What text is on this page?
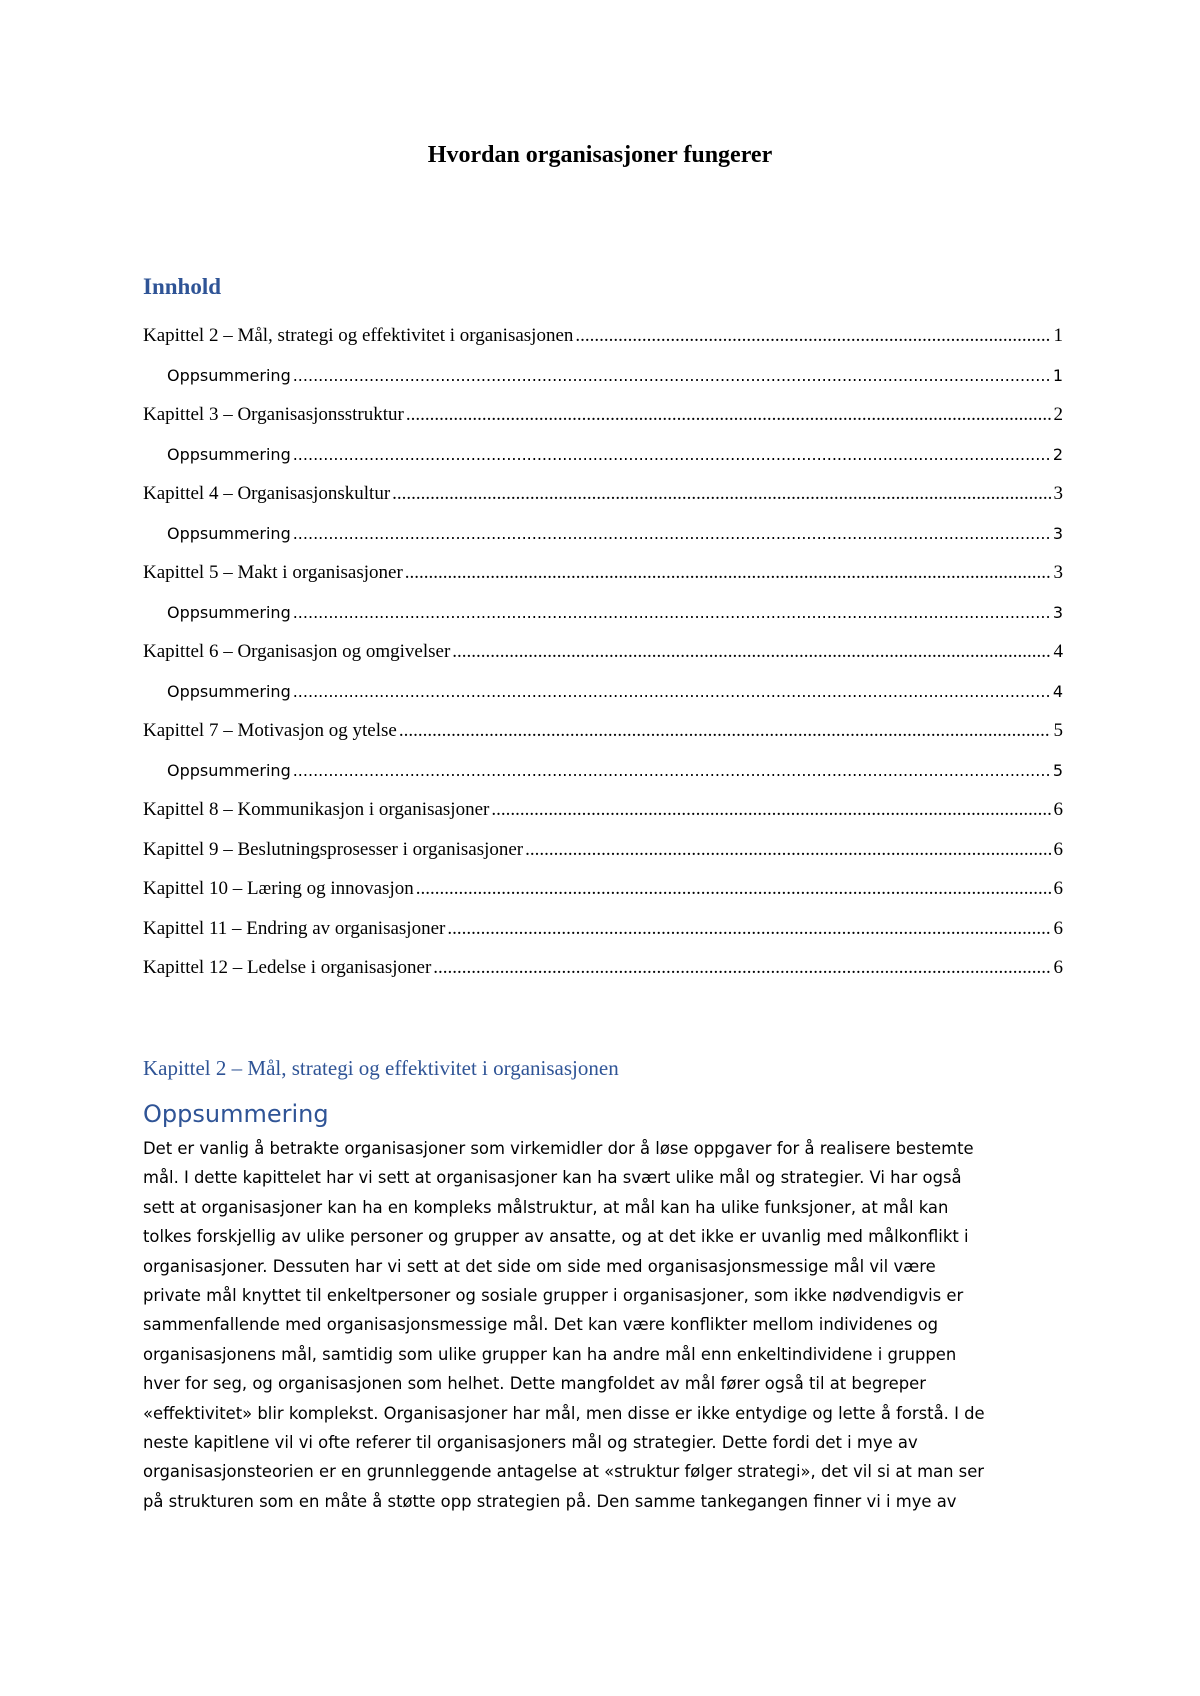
Hvordan organisasjoner fungerer
Innhold
Kapittel 2 – Mål, strategi og effektivitet i organisasjonen .....	1
Oppsummering .....	1
Kapittel 3 – Organisasjonsstruktur .....	2
Oppsummering .....	2
Kapittel 4 – Organisasjonskultur .....	3
Oppsummering .....	3
Kapittel 5 – Makt i organisasjoner .....	3
Oppsummering .....	3
Kapittel 6 – Organisasjon og omgivelser .....	4
Oppsummering .....	4
Kapittel 7 – Motivasjon og ytelse .....	5
Oppsummering .....	5
Kapittel 8 – Kommunikasjon i organisasjoner .....	6
Kapittel 9 – Beslutningsprosesser i organisasjoner .....	6
Kapittel 10 – Læring og innovasjon .....	6
Kapittel 11 – Endring av organisasjoner .....	6
Kapittel 12 – Ledelse i organisasjoner .....	6
Kapittel 2 – Mål, strategi og effektivitet i organisasjonen
Oppsummering

Det er vanlig å betrakte organisasjoner som virkemidler dor å løse oppgaver for å realisere bestemte
mål. I dette kapittelet har vi sett at organisasjoner kan ha svært ulike mål og strategier. Vi har også
sett at organisasjoner kan ha en kompleks målstruktur, at mål kan ha ulike funksjoner, at mål kan
tolkes forskjellig av ulike personer og grupper av ansatte, og at det ikke er uvanlig med målkonflikt i
organisasjoner. Dessuten har vi sett at det side om side med organisasjonsmessige mål vil være
private mål knyttet til enkeltpersoner og sosiale grupper i organisasjoner, som ikke nødvendigvis er
sammenfallende med organisasjonsmessige mål. Det kan være konflikter mellom individenes og
organisasjonens mål, samtidig som ulike grupper kan ha andre mål enn enkeltindividene i gruppen
hver for seg, og organisasjonen som helhet. Dette mangfoldet av mål fører også til at begreper
«effektivitet» blir komplekst. Organisasjoner har mål, men disse er ikke entydige og lette å forstå. I de
neste kapitlene vil vi ofte referer til organisasjoners mål og strategier. Dette fordi det i mye av
organisasjonsteorien er en grunnleggende antagelse at «struktur følger strategi», det vil si at man ser
på strukturen som en måte å støtte opp strategien på. Den samme tankegangen finner vi i mye av
